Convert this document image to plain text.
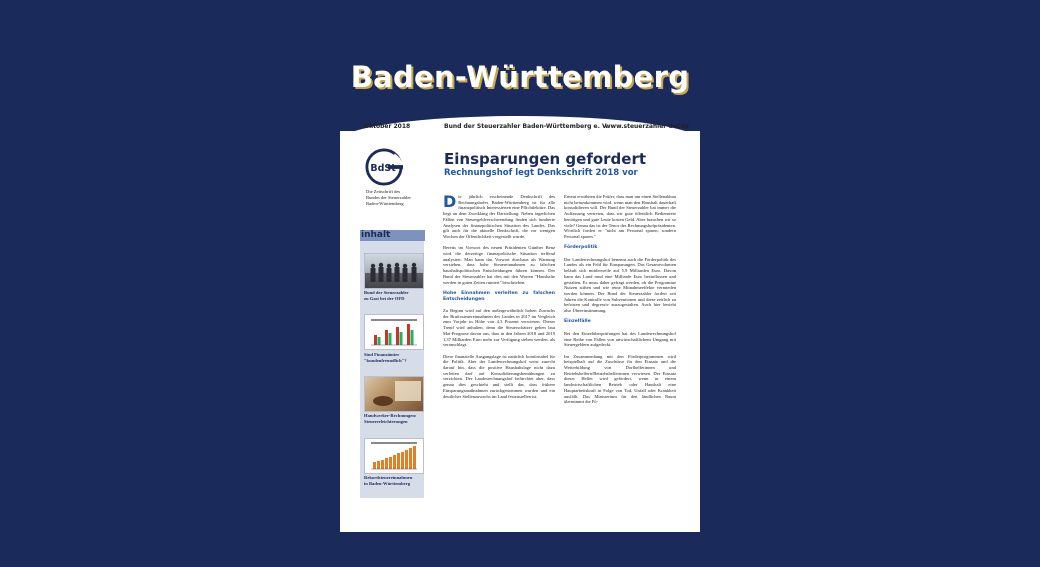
Baden-Württemberg
Oktober 2018	Bund der Steuerzahler Baden-Württemberg e. V.
www.steuerzahler-bw.de
BdSt
Die Zeitschrift des
Bundes der Steuerzahler
Baden-Württemberg
inhalt
Bund der Steuerzahler
zu Gast bei der OFD
Sind Finanzämter
"kundenfreundlich"?
Handwerker-Rechnungen:
Steuererleichterungen
Rekordsteuereinnahmen
in Baden-Württemberg
Einsparungen gefordert
Rechnungshof legt Denkschrift 2018 vor

Die jährlich erscheinende Denkschrift des Rechnungshofes Baden-Württemberg ist für alle finanzpolitisch Interessierten eine Pflichtlektüre. Das liegt an dem Zweiklang der Darstellung: Neben ärgerlichen Fällen von Steuergeldverschwendung finden sich fundierte Analysen der finanzpolitischen Situation des Landes. Das gilt auch für die aktuelle Denkschrift, die vor wenigen Wochen der Öffentlichkeit vorgestellt wurde.

Bereits im Vorwort des neuen Präsidenten Günther Benz wird die derzeitige finanzpolitische Situation treffend analysiert. Man kann das Vorwort durchaus als Warnung verstehen, dass hohe Steuereinnahmen zu falschen haushaltspolitischen Entscheidungen führen können. Der Bund der Steuerzahler hat dies mit den Worten "Haushalte werden in guten Zeiten ruiniert" beschrieben.

Hohe Einnahmen verleiten zu falschen Entscheidungen

Zu Beginn wird auf den außergewöhnlich hohen Zuwachs der Bruttosteuereinnahmen des Landes in 2017 im Vergleich zum Vorjahr in Höhe von 4,3 Prozent verwiesen. Dieser Trend wird anhalten, denn die Steuerschätzer gehen laut Mai-Prognose davon aus, dass in den Jahren 2018 und 2019 1,37 Milliarden Euro mehr zur Verfügung stehen werden, als veranschlagt.

Diese finanzielle Ausgangslage ist natürlich komfortabel für die Politik. Aber der Landesrechnungshof weist zurecht darauf hin, dass die positive Haushaltslage nicht dazu verleiten darf auf Konsolidierungsbemühungen zu verzichten. Der Landesrechnungshof befürchtet aber, dass genau dies geschieht und stellt dar, dass frühere Einsparungsmaßnahmen zurückgenommen wurden und ein deutlicher Stellenzuwachs im Land festzustellen ist.

Erneut erwähnen die Prüfer, dass man um einen Stellenabbau nicht herumkommen wird, wenn man den Haushalt dauerhaft konsolidieren will. Der Bund der Steuerzahler hat immer die Auffassung vertreten, dass wir gute öffentlich Bedienstete benötigen und gute Leute kosten Geld. Aber brauchen wir so viele? Genau das ist der Tenor des Rechnungshofpräsidenten. Wörtlich fordert er "nicht am Personal sparen, sondern Personal sparen."

Förderpolitik

Der Landesrechnungshof benennt auch die Förderpolitik des Landes als ein Feld für Einsparungen. Das Gesamtvolumen beläuft sich mittlerweile auf 5,9 Milliarden Euro. Davon kann das Land rund eine Milliarde Euro beeinflussen und gestalten. Es muss daher gefragt werden, ob die Programme Nutzen stiften und wie reine Mitnahmeeffekte vermieden werden können. Der Bund der Steuerzahler fordert seit Jahren die Kontrolle von Subventionen und diese zeitlich zu befristen und degressiv auszugestalten. Auch hier besteht also Übereinstimmung.

Einzelfälle

Bei den Einzelüberprüfungen hat des Landesrechnungshof eine Reihe von Fällen von unwirtschaftlichem Umgang mit Steuergeldern aufgedeckt.

Im Zusammenhang mit den Förderprogrammen wird beispielhaft auf die Zuschüsse für den Einsatz und die Weiterbildung von Dorfhelferinnen und Betriebshelfern/Betriebshelferinnen verwiesen. Der Einsatz dieser Helfer wird gefördert, wenn in einem landwirtschaftlichen Betrieb oder Haushalt eine Hauptarbeitskraft in Folge von Tod, Unfall oder Krankheit ausfällt. Das Ministerium für den ländlichen Raum übernimmt die Fö-
